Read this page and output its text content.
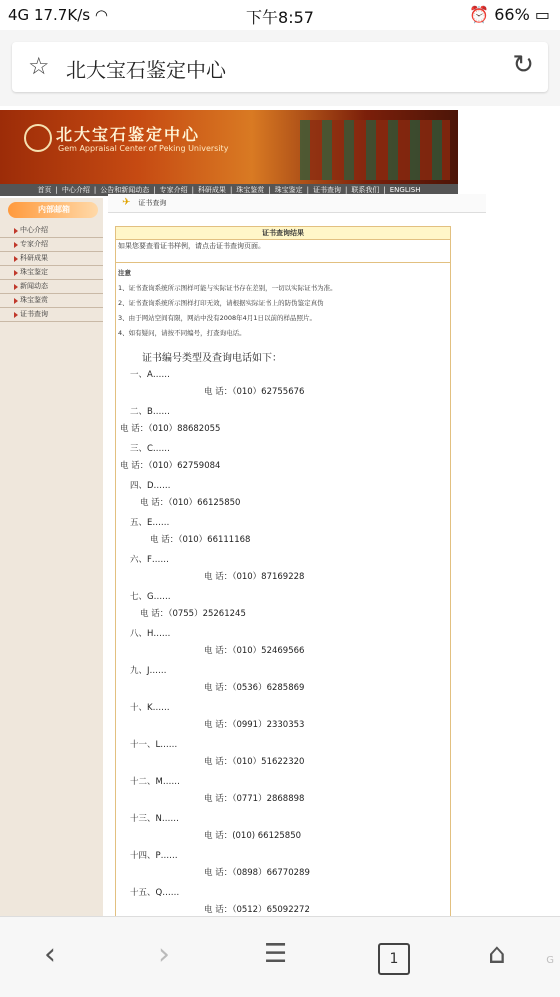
4G 17.7K/s ◠	下午8:57	⏰ 66% ▭
☆ 北大宝石鉴定中心	↻
北大宝石鉴定中心
Gem Appraisal Center of Peking University
首页 | 中心介绍 | 公告和新闻动态 | 专家介绍 | 科研成果 | 珠宝鉴赏 | 珠宝鉴定 | 证书查询 | 联系我们 | ENGLISH
内部邮箱
中心介绍
专家介绍
科研成果
珠宝鉴定
新闻动态
珠宝鉴赏
证书查询
✈ 证书查询
证书查询结果
如果您要查看证书样例，请点击证书查询页面。
注意
1、证书查询系统所示图样可能与实际证书存在差别，一切以实际证书为准。
2、证书查询系统所示图样打印无效，请根据实际证书上的防伪鉴定真伪
3、由于网站空间有限，网站中没有2008年4月1日以前的样品照片。
4、如有疑问，请按不同编号，打查询电话。
证书编号类型及查询电话如下：
一、A……
电 话：（010）62755676
二、B……
电 话：（010）88682055
三、C……
电 话：（010）62759084
四、D……
电 话：（010）66125850
五、E……
电 话：（010）66111168
六、F……
电 话：（010）87169228
七、G……
电 话：（0755）25261245
八、H……
电 话：（010）52469566
九、J……
电 话：（0536）6285869
十、K……
电 话：（0991）2330353
十一、L……
电 话：（010）51622320
十二、M……
电 话：（0771）2868898
十三、N……
电 话：(010) 66125850
十四、P……
电 话：（0898）66770289
十五、Q……
电 话：（0512）65092272
‹	›	☰	1	⌂	G
